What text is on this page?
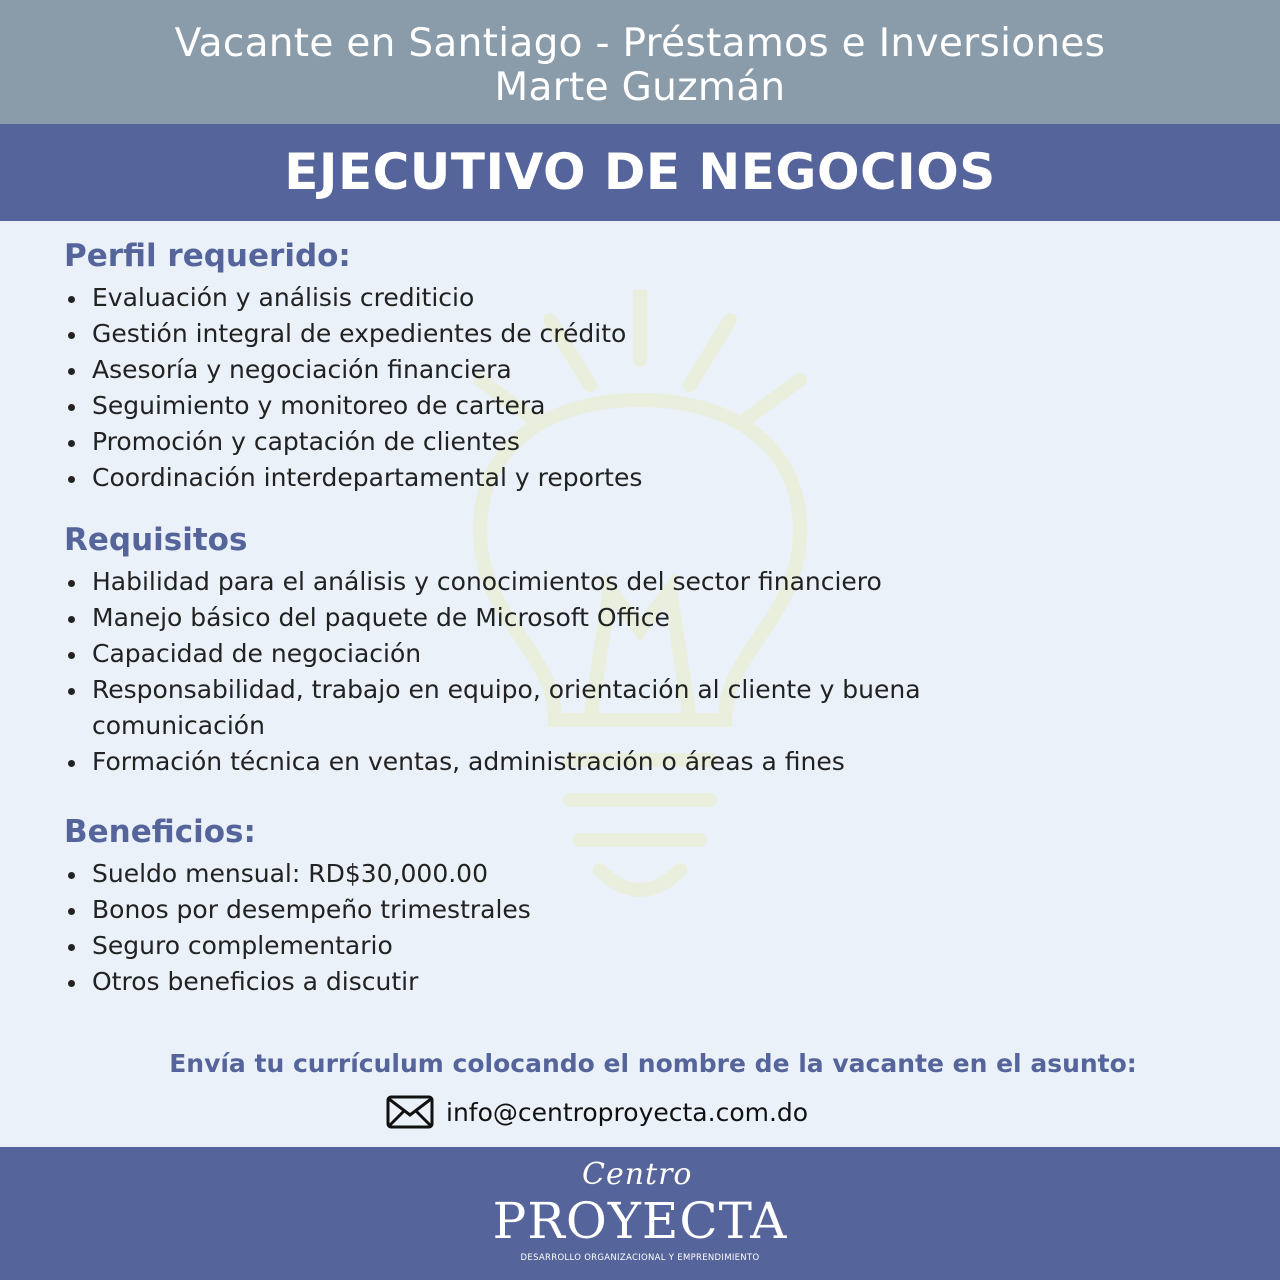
Vacante en Santiago - Préstamos e Inversiones
Marte Guzmán
EJECUTIVO DE NEGOCIOS
Perfil requerido:
Evaluación y análisis crediticio
Gestión integral de expedientes de crédito
Asesoría y negociación financiera
Seguimiento y monitoreo de cartera
Promoción y captación de clientes
Coordinación interdepartamental y reportes
Requisitos
Habilidad para el análisis y conocimientos del sector financiero
Manejo básico del paquete de Microsoft Office
Capacidad de negociación
Responsabilidad, trabajo en equipo, orientación al cliente y buena comunicación
Formación técnica en ventas, administración o áreas a fines
Beneficios:
Sueldo mensual: RD$30,000.00
Bonos por desempeño trimestrales
Seguro complementario
Otros beneficios a discutir
Envía tu currículum colocando el nombre de la vacante en el asunto:
info@centroproyecta.com.do
Centro
PROYECTA
DESARROLLO ORGANIZACIONAL Y EMPRENDIMIENTO
